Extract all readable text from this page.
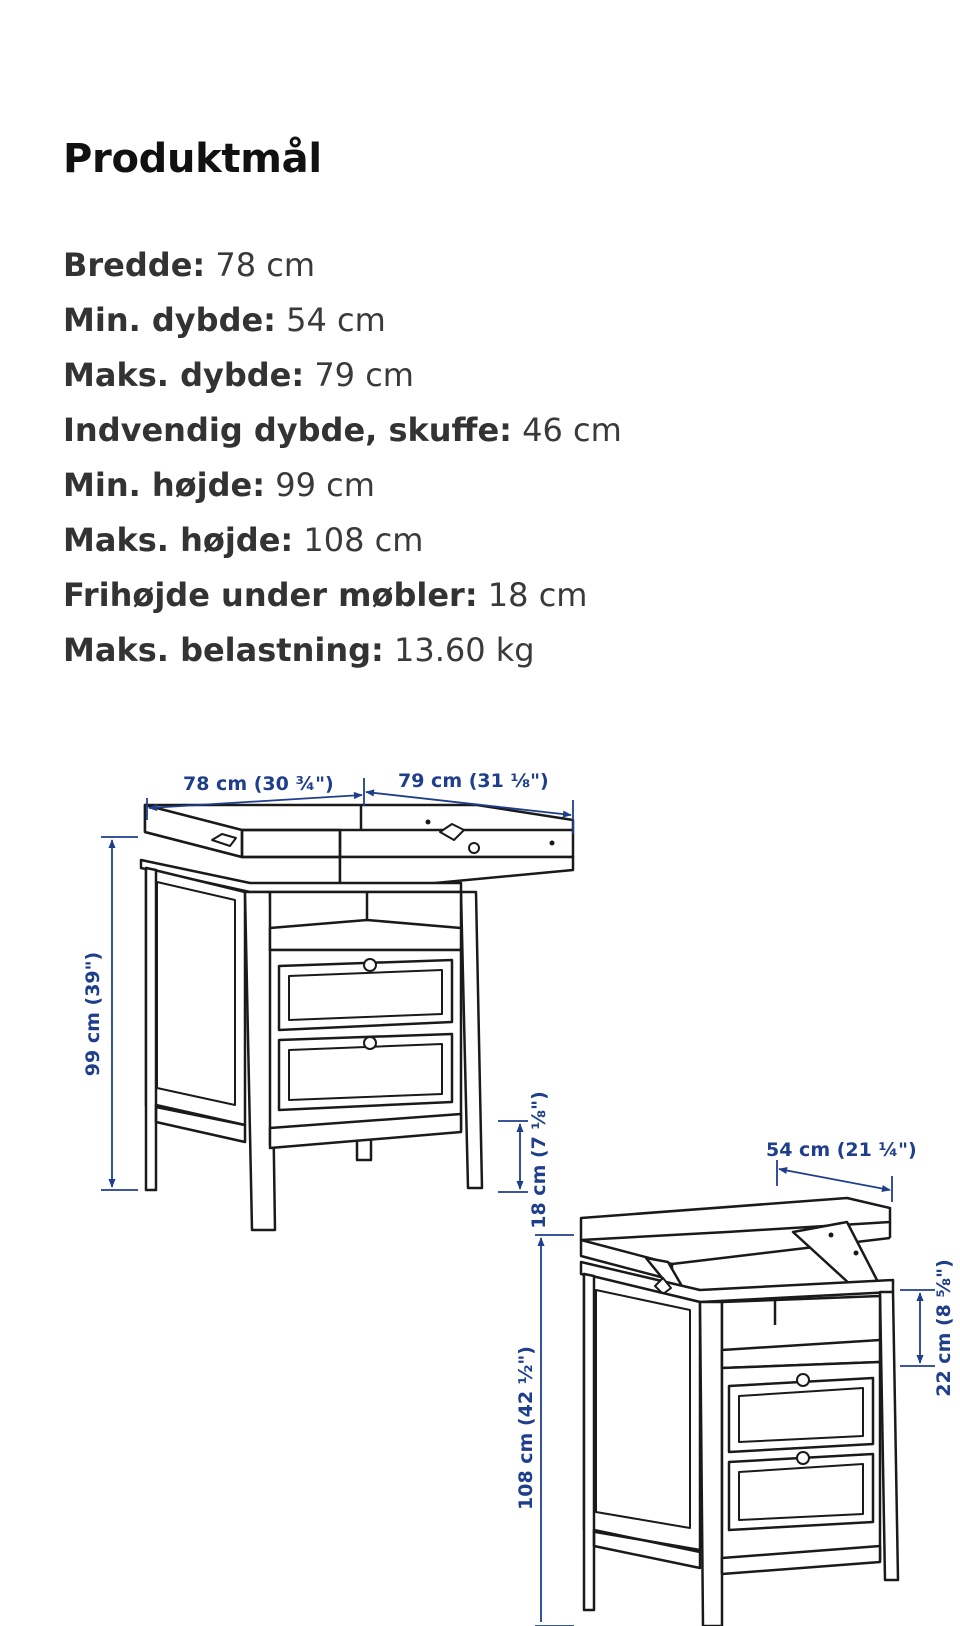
Produktmål
Bredde: 78 cm
Min. dybde: 54 cm
Maks. dybde: 79 cm
Indvendig dybde, skuffe: 46 cm
Min. højde: 99 cm
Maks. højde: 108 cm
Frihøjde under møbler: 18 cm
Maks. belastning: 13.60 kg
78 cm (30 ¾")	79 cm (31 ⅛")
99 cm (39")
18 cm (7 ⅛")	54 cm (21 ¼")
108 cm (42 ½")
22 cm (8 ⅝")
